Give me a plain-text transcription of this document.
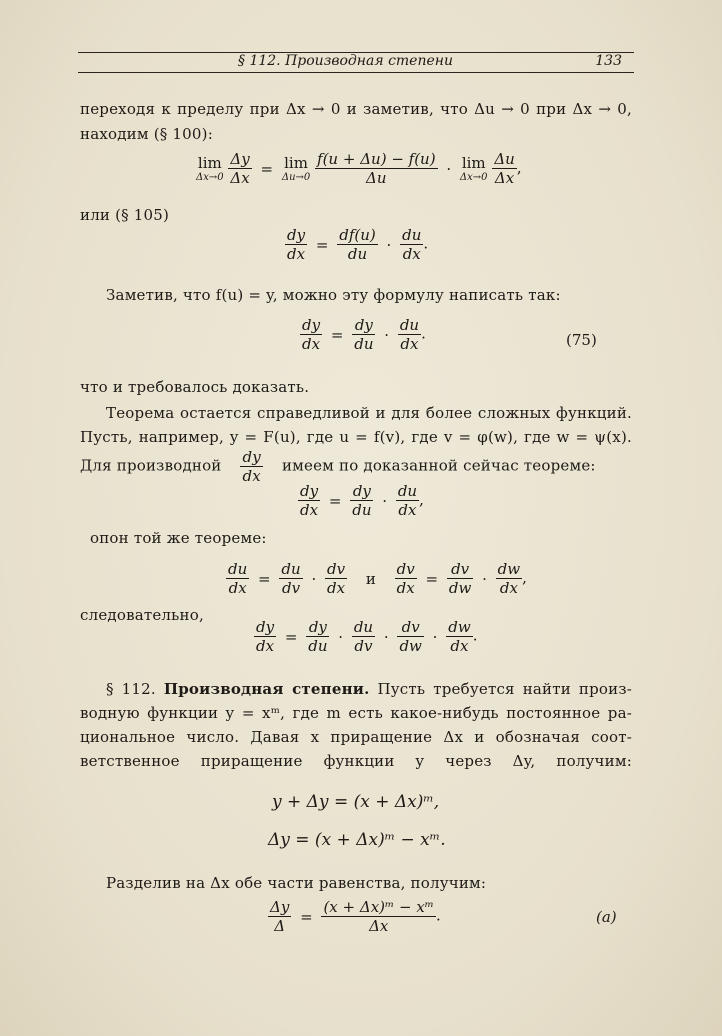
§ 112. Производная степени	133
переходя к пределу при Δx → 0 и заметив, что Δu → 0 при Δx → 0,
находим (§ 100):
lim
Δx→0
$\frac{\Delta y}{\Delta x} = \lim$
Δu→0
$\frac{f(u + \Delta u) - f(u)}{\Delta u} \cdot \lim$
Δx→0
$\frac{\Delta u}{\Delta x}$ ,
или (§ 105)
$\frac{dy}{dx} = \frac{df(u)}{du} \cdot \frac{du}{dx}$ .
Заметив, что f(u) = y, можно эту формулу написать так:
$\frac{dy}{dx} = \frac{dy}{du} \cdot \frac{du}{dx}$ .	(75)
что и требовалось доказать.
Теорема остается справедливой и для более сложных функций.
Пусть, например, y = F(u), где u = f(v), где v = φ(w), где w = ψ(x).
Для производной $\frac{dy}{dx}$ имеем по доказанной сейчас теореме:
$\frac{dy}{dx} = \frac{dy}{du} \cdot \frac{du}{dx}$ ,
опон той же теореме:
$\frac{du}{dx} = \frac{du}{dv} \cdot \frac{dv}{dx}$ и $\frac{dv}{dx} = \frac{dv}{dw} \cdot \frac{dw}{dx}$ ,
следовательно,
$\frac{dy}{dx} = \frac{dy}{du} \cdot \frac{du}{dv} \cdot \frac{dv}{dw} \cdot \frac{dw}{dx}$ .
§ 112. Производная степени. Пусть требуется найти произ-
водную функции y = xᵐ, где m есть какое-нибудь постоянное ра-
циональное число. Давая x приращение Δx и обозначая соот-
ветственное приращение функции y через Δy, получим:
y + Δy = (x + Δx)ᵐ,
Δy = (x + Δx)ᵐ − xᵐ.
Разделив на Δx обе части равенства, получим:
$\frac{\Delta y}{\Delta} = \frac{\text{(x + Δx)ᵐ − xᵐ}}{\Delta x}$ .	(a)
